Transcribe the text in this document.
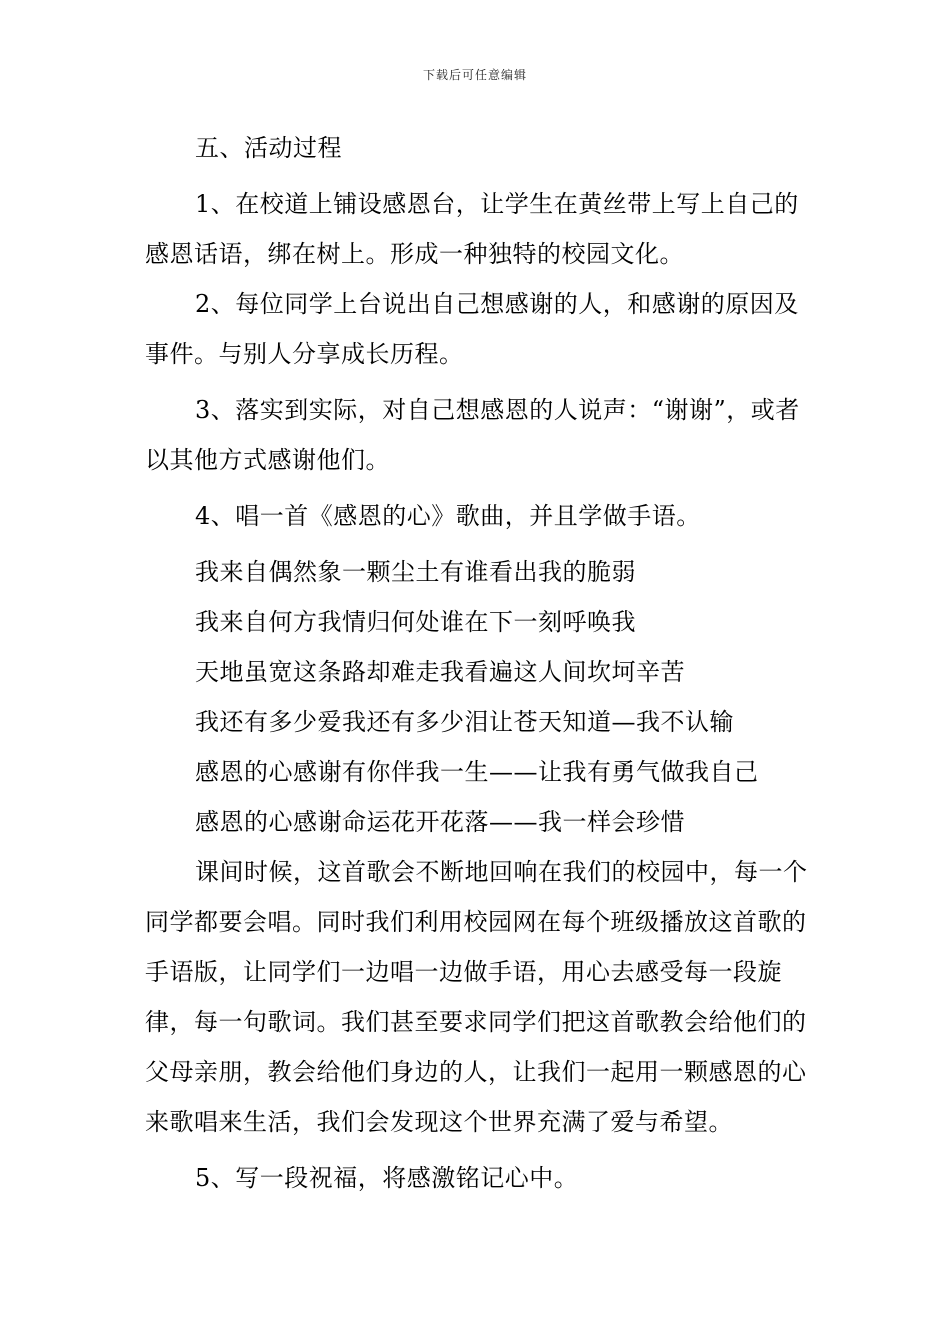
下载后可任意编辑

五、活动过程

1、在校道上铺设感恩台，让学生在黄丝带上写上自己的感恩话语，绑在树上。形成一种独特的校园文化。

2、每位同学上台说出自己想感谢的人，和感谢的原因及事件。与别人分享成长历程。

3、落实到实际，对自己想感恩的人说声：“谢谢”，或者以其他方式感谢他们。

4、唱一首《感恩的心》歌曲，并且学做手语。

我来自偶然象一颗尘土有谁看出我的脆弱

我来自何方我情归何处谁在下一刻呼唤我

天地虽宽这条路却难走我看遍这人间坎坷辛苦

我还有多少爱我还有多少泪让苍天知道—我不认输

感恩的心感谢有你伴我一生——让我有勇气做我自己

感恩的心感谢命运花开花落——我一样会珍惜

课间时候，这首歌会不断地回响在我们的校园中，每一个同学都要会唱。同时我们利用校园网在每个班级播放这首歌的手语版，让同学们一边唱一边做手语，用心去感受每一段旋律，每一句歌词。我们甚至要求同学们把这首歌教会给他们的父母亲朋，教会给他们身边的人，让我们一起用一颗感恩的心来歌唱来生活，我们会发现这个世界充满了爱与希望。

5、写一段祝福，将感激铭记心中。
